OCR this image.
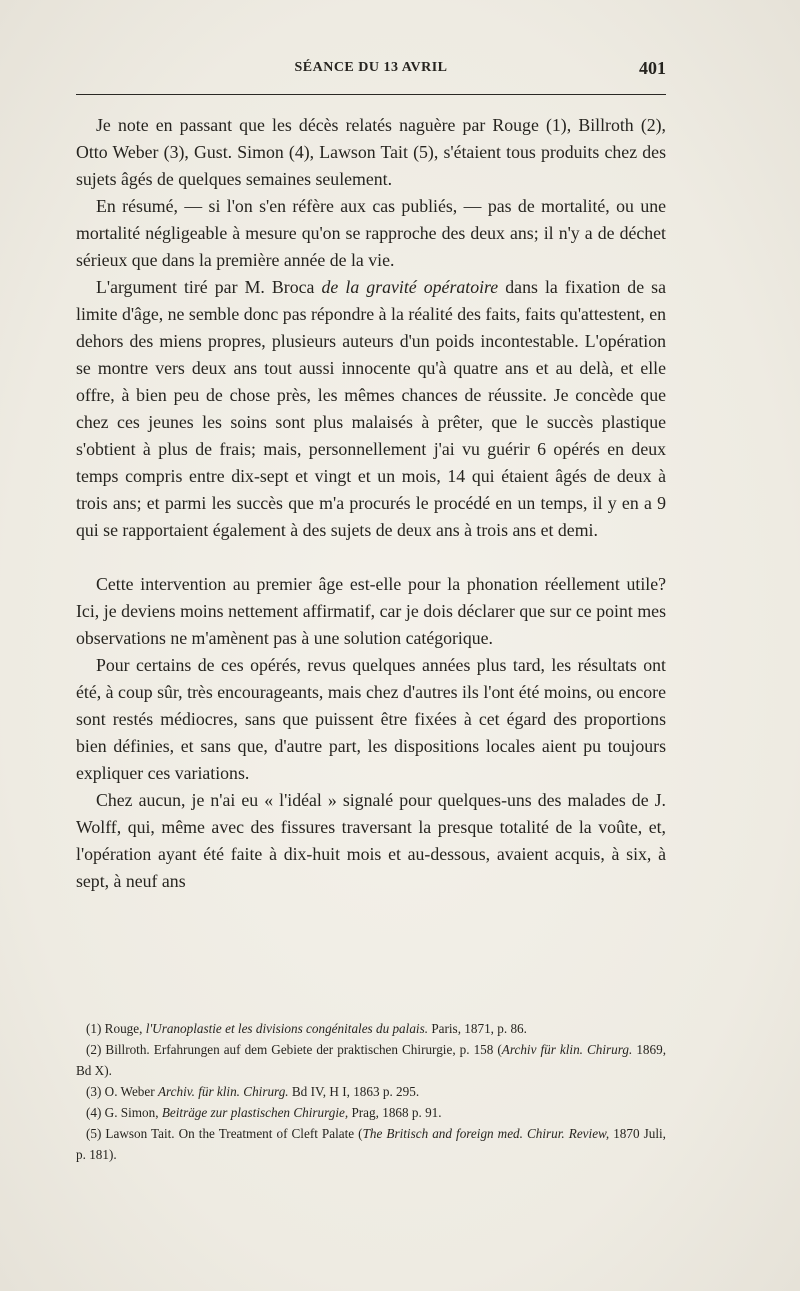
SÉANCE DU 13 AVRIL	401

Je note en passant que les décès relatés naguère par Rouge (1), Billroth (2), Otto Weber (3), Gust. Simon (4), Lawson Tait (5), s'étaient tous produits chez des sujets âgés de quelques semaines seulement.

En résumé, — si l'on s'en réfère aux cas publiés, — pas de mortalité, ou une mortalité négligeable à mesure qu'on se rapproche des deux ans; il n'y a de déchet sérieux que dans la première année de la vie.

L'argument tiré par M. Broca de la gravité opératoire dans la fixation de sa limite d'âge, ne semble donc pas répondre à la réalité des faits, faits qu'attestent, en dehors des miens propres, plusieurs auteurs d'un poids incontestable. L'opération se montre vers deux ans tout aussi innocente qu'à quatre ans et au delà, et elle offre, à bien peu de chose près, les mêmes chances de réussite. Je concède que chez ces jeunes les soins sont plus malaisés à prêter, que le succès plastique s'obtient à plus de frais; mais, personnellement j'ai vu guérir 6 opérés en deux temps compris entre dix-sept et vingt et un mois, 14 qui étaient âgés de deux à trois ans; et parmi les succès que m'a procurés le procédé en un temps, il y en a 9 qui se rapportaient également à des sujets de deux ans à trois ans et demi.

Cette intervention au premier âge est-elle pour la phonation réellement utile? Ici, je deviens moins nettement affirmatif, car je dois déclarer que sur ce point mes observations ne m'amènent pas à une solution catégorique.

Pour certains de ces opérés, revus quelques années plus tard, les résultats ont été, à coup sûr, très encourageants, mais chez d'autres ils l'ont été moins, ou encore sont restés médiocres, sans que puissent être fixées à cet égard des proportions bien définies, et sans que, d'autre part, les dispositions locales aient pu toujours expliquer ces variations.

Chez aucun, je n'ai eu « l'idéal » signalé pour quelques-uns des malades de J. Wolff, qui, même avec des fissures traversant la presque totalité de la voûte, et, l'opération ayant été faite à dix-huit mois et au-dessous, avaient acquis, à six, à sept, à neuf ans

(1) Rouge, l'Uranoplastie et les divisions congénitales du palais. Paris, 1871, p. 86.

(2) Billroth. Erfahrungen auf dem Gebiete der praktischen Chirurgie, p. 158 (Archiv für klin. Chirurg. 1869, Bd X).

(3) O. Weber Archiv. für klin. Chirurg. Bd IV, H I, 1863 p. 295.

(4) G. Simon, Beiträge zur plastischen Chirurgie, Prag, 1868 p. 91.

(5) Lawson Tait. On the Treatment of Cleft Palate (The Britisch and foreign med. Chirur. Review, 1870 Juli, p. 181).
